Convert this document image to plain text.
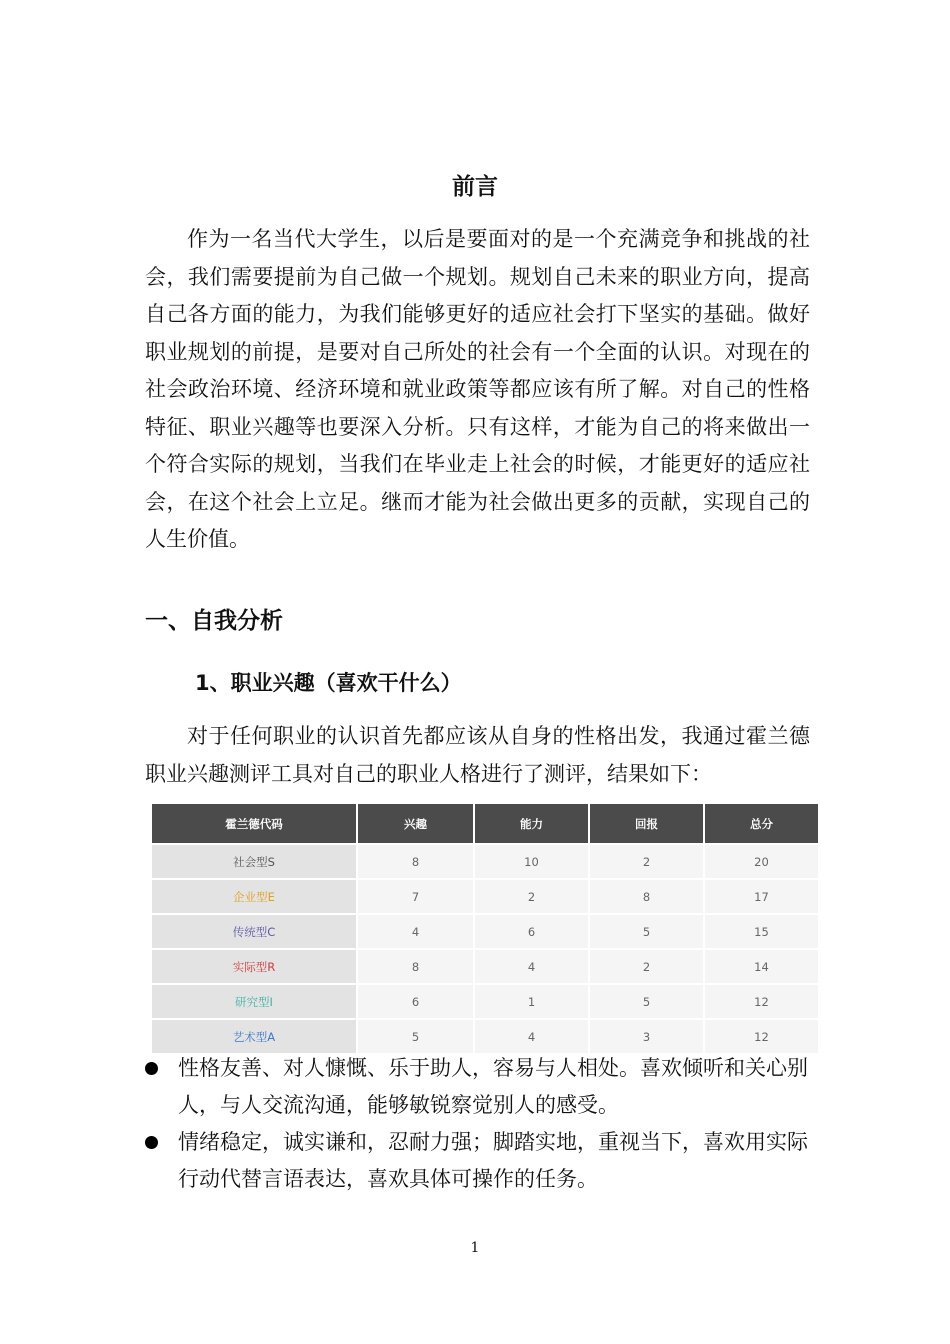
前言
作为一名当代大学生，以后是要面对的是一个充满竞争和挑战的社会，我们需要提前为自己做一个规划。规划自己未来的职业方向，提高自己各方面的能力，为我们能够更好的适应社会打下坚实的基础。做好职业规划的前提，是要对自己所处的社会有一个全面的认识。对现在的社会政治环境、经济环境和就业政策等都应该有所了解。对自己的性格特征、职业兴趣等也要深入分析。只有这样，才能为自己的将来做出一个符合实际的规划，当我们在毕业走上社会的时候，才能更好的适应社会，在这个社会上立足。继而才能为社会做出更多的贡献，实现自己的人生价值。
一、自我分析
1、职业兴趣（喜欢干什么）
对于任何职业的认识首先都应该从自身的性格出发，我通过霍兰德职业兴趣测评工具对自己的职业人格进行了测评，结果如下：
霍兰德代码	兴趣	能力	回报	总分
社会型S	8	10	2	20
企业型E	7	2	8	17
传统型C	4	6	5	15
实际型R	8	4	2	14
研究型I	6	1	5	12
艺术型A	5	4	3	12
性格友善、对人慷慨、乐于助人，容易与人相处。喜欢倾听和关心别人，与人交流沟通，能够敏锐察觉别人的感受。
情绪稳定，诚实谦和，忍耐力强；脚踏实地，重视当下，喜欢用实际行动代替言语表达，喜欢具体可操作的任务。
1
